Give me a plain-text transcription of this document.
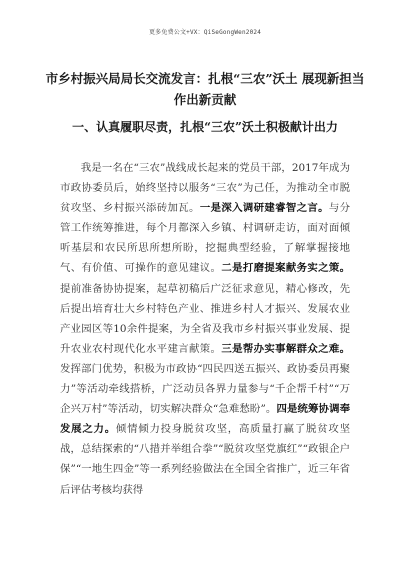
更多免费公文+VX：QiSeGongWen2024
市乡村振兴局局长交流发言：扎根“三农”沃土 展现新担当作出新贡献
一、认真履职尽责，扎根“三农”沃土积极献计出力
我是一名在“三农”战线成长起来的党员干部，2017年成为市政协委员后，始终坚持以服务“三农”为己任，为推动全市脱贫攻坚、乡村振兴添砖加瓦。一是深入调研建睿智之言。与分管工作统筹推进，每个月都深入乡镇、村调研走访，面对面倾听基层和农民所思所想所盼，挖掘典型经验，了解掌握接地气、有价值、可操作的意见建议。二是打磨提案献务实之策。提前准备协协提案，起草初稿后广泛征求意见，精心修改，先后提出培育壮大乡村特色产业、推进乡村人才振兴、发展农业产业园区等10余件提案，为全省及我市乡村振兴事业发展、提升农业农村现代化水平建言献策。三是帮办实事解群众之难。发挥部门优势，积极为市政协“四民四送五振兴、政协委员再聚力”等活动牵线搭桥，广泛动员各界力量参与“千企帮千村”“万企兴万村”等活动，切实解决群众“急难愁盼”。四是统筹协调奉发展之力。倾情倾力投身脱贫攻坚，高质量打赢了脱贫攻坚战，总结探索的“八措并举组合拳”“脱贫攻坚党旗红”“政银企户保”“一地生四金”等一系列经验做法在全国全省推广，近三年省后评估考核均获得
